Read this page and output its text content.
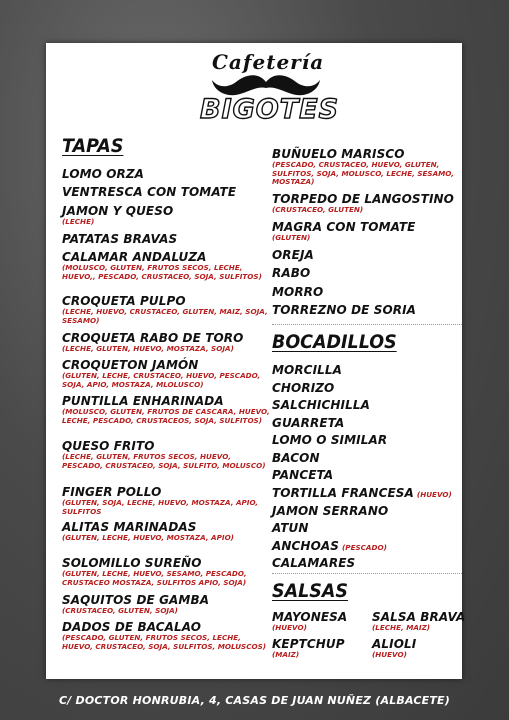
Cafetería
BIGOTES
TAPAS
LOMO ORZA
VENTRESCA CON TOMATE
JAMON Y QUESO
(LECHE)
PATATAS BRAVAS
CALAMAR ANDALUZA
(MOLUSCO, GLUTEN, FRUTOS SECOS, LECHE, HUEVO,, PESCADO, CRUSTACEO, SOJA, SULFITOS)
CROQUETA PULPO
(LECHE, HUEVO, CRUSTACEO, GLUTEN, MAIZ, SOJA, SESAMO)
CROQUETA RABO DE TORO
(LECHE, GLUTEN, HUEVO, MOSTAZA, SOJA)
CROQUETON JAMÓN
(GLUTEN, LECHE, CRUSTACEO, HUEVO, PESCADO, SOJA, APIO, MOSTAZA, MLOLUSCO)
PUNTILLA ENHARINADA
(MOLUSCO, GLUTEN, FRUTOS DE CASCARA, HUEVO, LECHE, PESCADO, CRUSTACEOS, SOJA, SULFITOS)
QUESO FRITO
(LECHE, GLUTEN, FRUTOS SECOS, HUEVO, PESCADO, CRUSTACEO, SOJA, SULFITO, MOLUSCO)
FINGER POLLO
(GLUTEN, SOJA, LECHE, HUEVO, MOSTAZA, APIO, SULFITOS
ALITAS MARINADAS
(GLUTEN, LECHE, HUEVO, MOSTAZA, APIO)
SOLOMILLO SUREÑO
(GLUTEN, LECHE, HUEVO, SESAMO, PESCADO, CRUSTACEO MOSTAZA, SULFITOS APIO, SOJA)
SAQUITOS DE GAMBA
(CRUSTACEO, GLUTEN, SOJA)
DADOS DE BACALAO
(PESCADO, GLUTEN, FRUTOS SECOS, LECHE, HUEVO, CRUSTACEO, SOJA, SULFITOS, MOLUSCOS)
BUÑUELO MARISCO
(PESCADO, CRUSTACEO, HUEVO, GLUTEN, SULFITOS, SOJA, MOLUSCO, LECHE, SESAMO, MOSTAZA)
TORPEDO DE LANGOSTINO
(CRUSTACEO, GLUTEN)
MAGRA CON TOMATE
(GLUTEN)
OREJA
RABO
MORRO
TORREZNO DE SORIA
BOCADILLOS
MORCILLA
CHORIZO
SALCHICHILLA
GUARRETA
LOMO O SIMILAR
BACON
PANCETA
TORTILLA FRANCESA (HUEVO)
JAMON SERRANO
ATUN
ANCHOAS (PESCADO)
CALAMARES
SALSAS
MAYONESA
(HUEVO)
SALSA BRAVA
(LECHE, MAIZ)
KEPTCHUP
(MAIZ)
ALIOLI
(HUEVO)
C/ DOCTOR HONRUBIA, 4, CASAS DE JUAN NUÑEZ (ALBACETE)
